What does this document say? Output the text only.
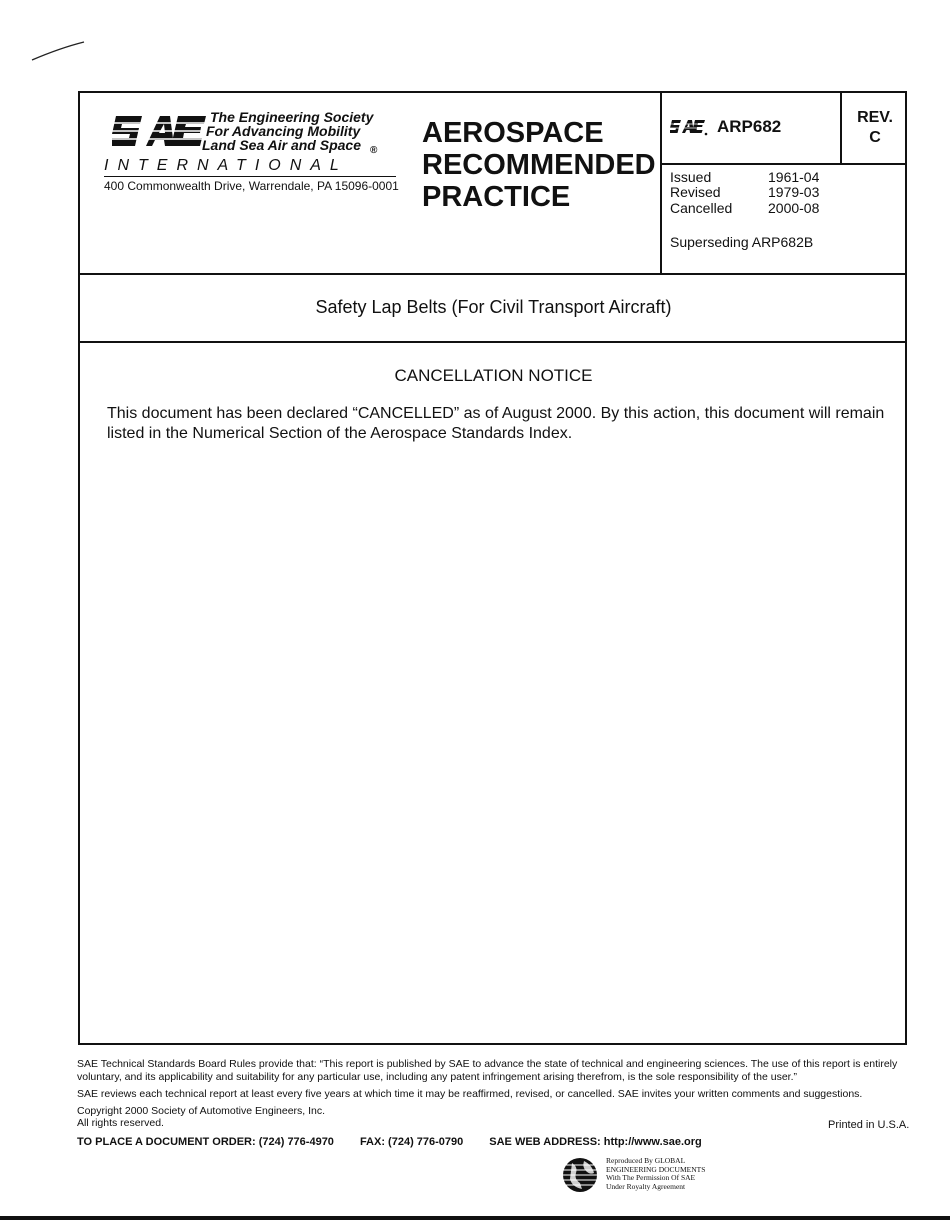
The Engineering Society
For Advancing Mobility
Land Sea Air and Space ®
INTERNATIONAL
400 Commonwealth Drive, Warrendale, PA 15096-0001
AEROSPACE
RECOMMENDED
PRACTICE
ARP682	REV.
C
Issued	1961-04
Revised	1979-03
Cancelled	2000-08
Superseding ARP682B
Safety Lap Belts (For Civil Transport Aircraft)
CANCELLATION NOTICE
This document has been declared “CANCELLED” as of August 2000. By this action, this document will remain listed in the Numerical Section of the Aerospace Standards Index.
SAE Technical Standards Board Rules provide that: “This report is published by SAE to advance the state of technical and engineering sciences. The use of this report is entirely voluntary, and its applicability and suitability for any particular use, including any patent infringement arising therefrom, is the sole responsibility of the user.”
SAE reviews each technical report at least every five years at which time it may be reaffirmed, revised, or cancelled. SAE invites your written comments and suggestions.
Copyright 2000 Society of Automotive Engineers, Inc.
All rights reserved.	Printed in U.S.A.
TO PLACE A DOCUMENT ORDER: (724) 776-4970 FAX: (724) 776-0790 SAE WEB ADDRESS: http://www.sae.org
Reproduced By GLOBAL
ENGINEERING DOCUMENTS
With The Permission Of SAE
Under Royalty Agreement
